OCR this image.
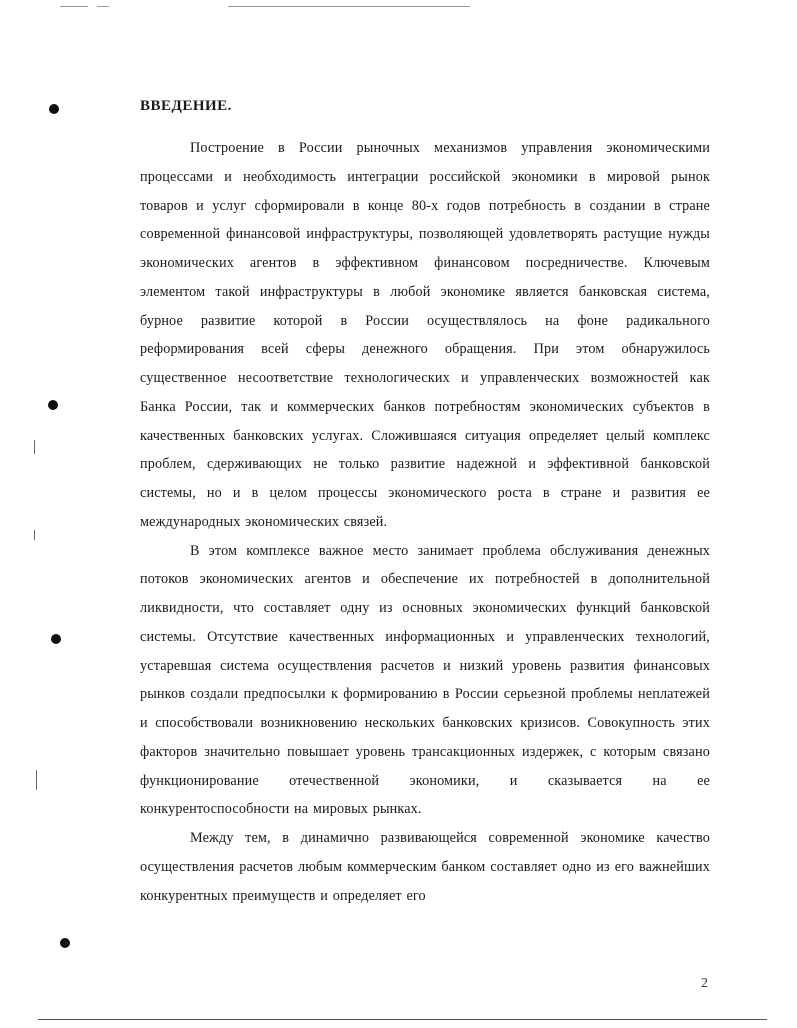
ВВЕДЕНИЕ.

Построение в России рыночных механизмов управления экономическими процессами и необходимость интеграции российской экономики в мировой рынок товаров и услуг сформировали в конце 80-х годов потребность в создании в стране современной финансовой инфраструктуры, позволяющей удовлетворять растущие нужды экономических агентов в эффективном финансовом посредничестве. Ключевым элементом такой инфраструктуры в любой экономике является банковская система, бурное развитие которой в России осуществлялось на фоне радикального реформирования всей сферы денежного обращения. При этом обнаружилось существенное несоответствие технологических и управленческих возможностей как Банка России, так и коммерческих банков потребностям экономических субъектов в качественных банковских услугах. Сложившаяся ситуация определяет целый комплекс проблем, сдерживающих не только развитие надежной и эффективной банковской системы, но и в целом процессы экономического роста в стране и развития ее международных экономических связей.

В этом комплексе важное место занимает проблема обслуживания денежных потоков экономических агентов и обеспечение их потребностей в дополнительной ликвидности, что составляет одну из основных экономических функций банковской системы. Отсутствие качественных информационных и управленческих технологий, устаревшая система осуществления расчетов и низкий уровень развития финансовых рынков создали предпосылки к формированию в России серьезной проблемы неплатежей и способствовали возникновению нескольких банковских кризисов. Совокупность этих факторов значительно повышает уровень трансакционных издержек, с которым связано функционирование отечественной экономики, и сказывается на ее конкурентоспособности на мировых рынках.

Между тем, в динамично развивающейся современной экономике качество осуществления расчетов любым коммерческим банком составляет одно из его важнейших конкурентных преимуществ и определяет его

2
